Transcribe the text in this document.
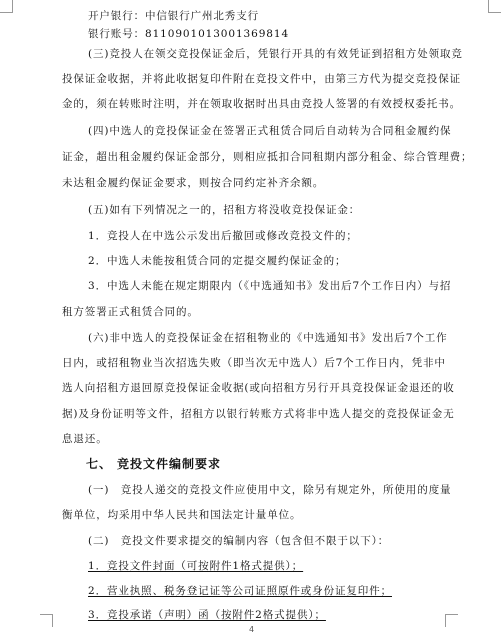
开户银行：中信银行广州北秀支行
银行账号：8110901013001369814
(三)竞投人在领交竞投保证金后，凭银行开具的有效凭证到招租方处领取竞
投保证金收据，并将此收据复印件附在竞投文件中，由第三方代为提交竞投保证
金的，须在转账时注明，并在领取收据时出具由竞投人签署的有效授权委托书。
(四)中选人的竞投保证金在签署正式租赁合同后自动转为合同租金履约保
证金，超出租金履约保证金部分，则相应抵扣合同租期内部分租金、综合管理费；
未达租金履约保证金要求，则按合同约定补齐余额。
(五)如有下列情况之一的，招租方将没收竞投保证金：
1．竞投人在中选公示发出后撤回或修改竞投文件的；
2．中选人未能按租赁合同的定提交履约保证金的；
3．中选人未能在规定期限内（《中选通知书》发出后7个工作日内）与招
租方签署正式租赁合同的。
(六)非中选人的竞投保证金在招租物业的《中选通知书》发出后7个工作
日内，或招租物业当次招选失败（即当次无中选人）后7个工作日内，凭非中
选人向招租方退回原竞投保证金收据(或向招租方另行开具竞投保证金退还的收
据)及身份证明等文件，招租方以银行转账方式将非中选人提交的竞投保证金无
息退还。
七、 竞投文件编制要求
(一)　竞投人递交的竞投文件应使用中文，除另有规定外，所使用的度量
衡单位，均采用中华人民共和国法定计量单位。
(二)　竞投文件要求提交的编制内容（包含但不限于以下）：
1．竞投文件封面（可按附件1格式提供）；
2．营业执照、税务登记证等公司证照原件或身份证复印件；
3．竞投承诺（声明）函（按附件2格式提供）；
4
